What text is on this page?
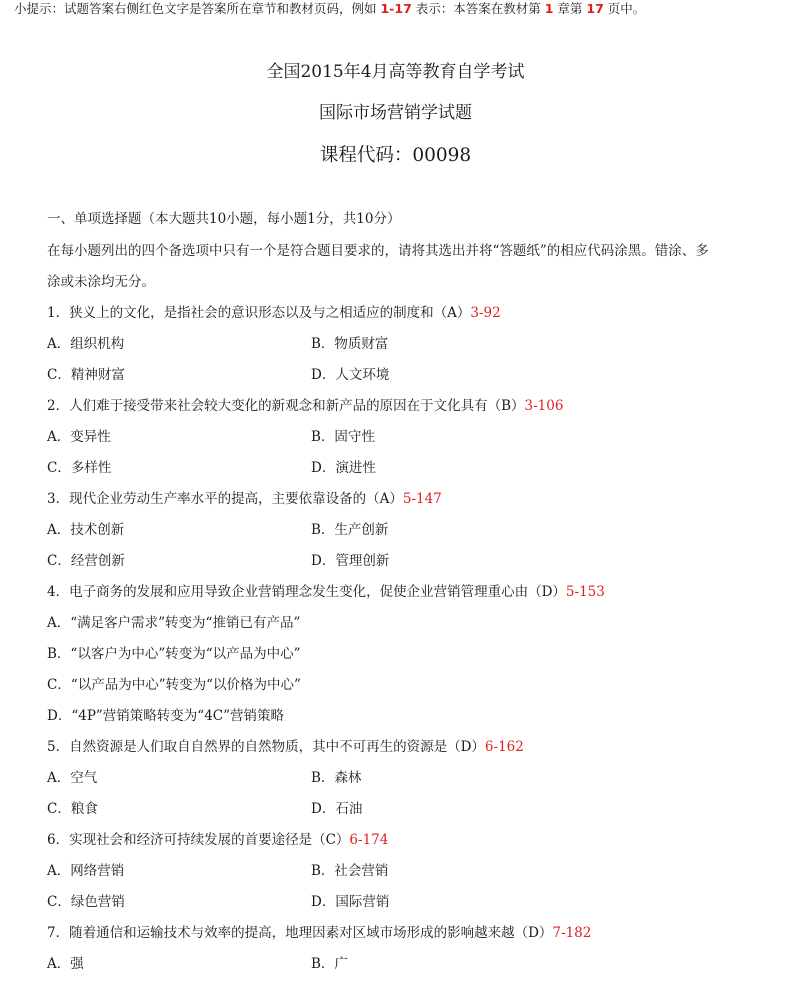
小提示：试题答案右侧红色文字是答案所在章节和教材页码，例如 1-17 表示：本答案在教材第 1 章第 17 页中。
全国2015年4月高等教育自学考试
国际市场营销学试题
课程代码：00098
一、单项选择题（本大题共10小题，每小题1分，共10分）
在每小题列出的四个备选项中只有一个是符合题目要求的，请将其选出并将“答题纸”的相应代码涂黑。错涂、多
涂或未涂均无分。
1．狭义上的文化，是指社会的意识形态以及与之相适应的制度和（A）3-92
A．组织机构	B．物质财富
C．精神财富	D．人文环境
2．人们难于接受带来社会较大变化的新观念和新产品的原因在于文化具有（B）3-106
A．变异性	B．固守性
C．多样性	D．演进性
3．现代企业劳动生产率水平的提高，主要依靠设备的（A）5-147
A．技术创新	B．生产创新
C．经营创新	D．管理创新
4．电子商务的发展和应用导致企业营销理念发生变化，促使企业营销管理重心由（D）5-153
A．“满足客户需求”转变为“推销已有产品”
B．“以客户为中心”转变为“以产品为中心”
C．“以产品为中心”转变为“以价格为中心”
D．“4P”营销策略转变为“4C”营销策略
5．自然资源是人们取自自然界的自然物质，其中不可再生的资源是（D）6-162
A．空气	B．森林
C．粮食	D．石油
6．实现社会和经济可持续发展的首要途径是（C）6-174
A．网络营销	B．社会营销
C．绿色营销	D．国际营销
7．随着通信和运输技术与效率的提高，地理因素对区域市场形成的影响越来越（D）7-182
A．强	B．广
